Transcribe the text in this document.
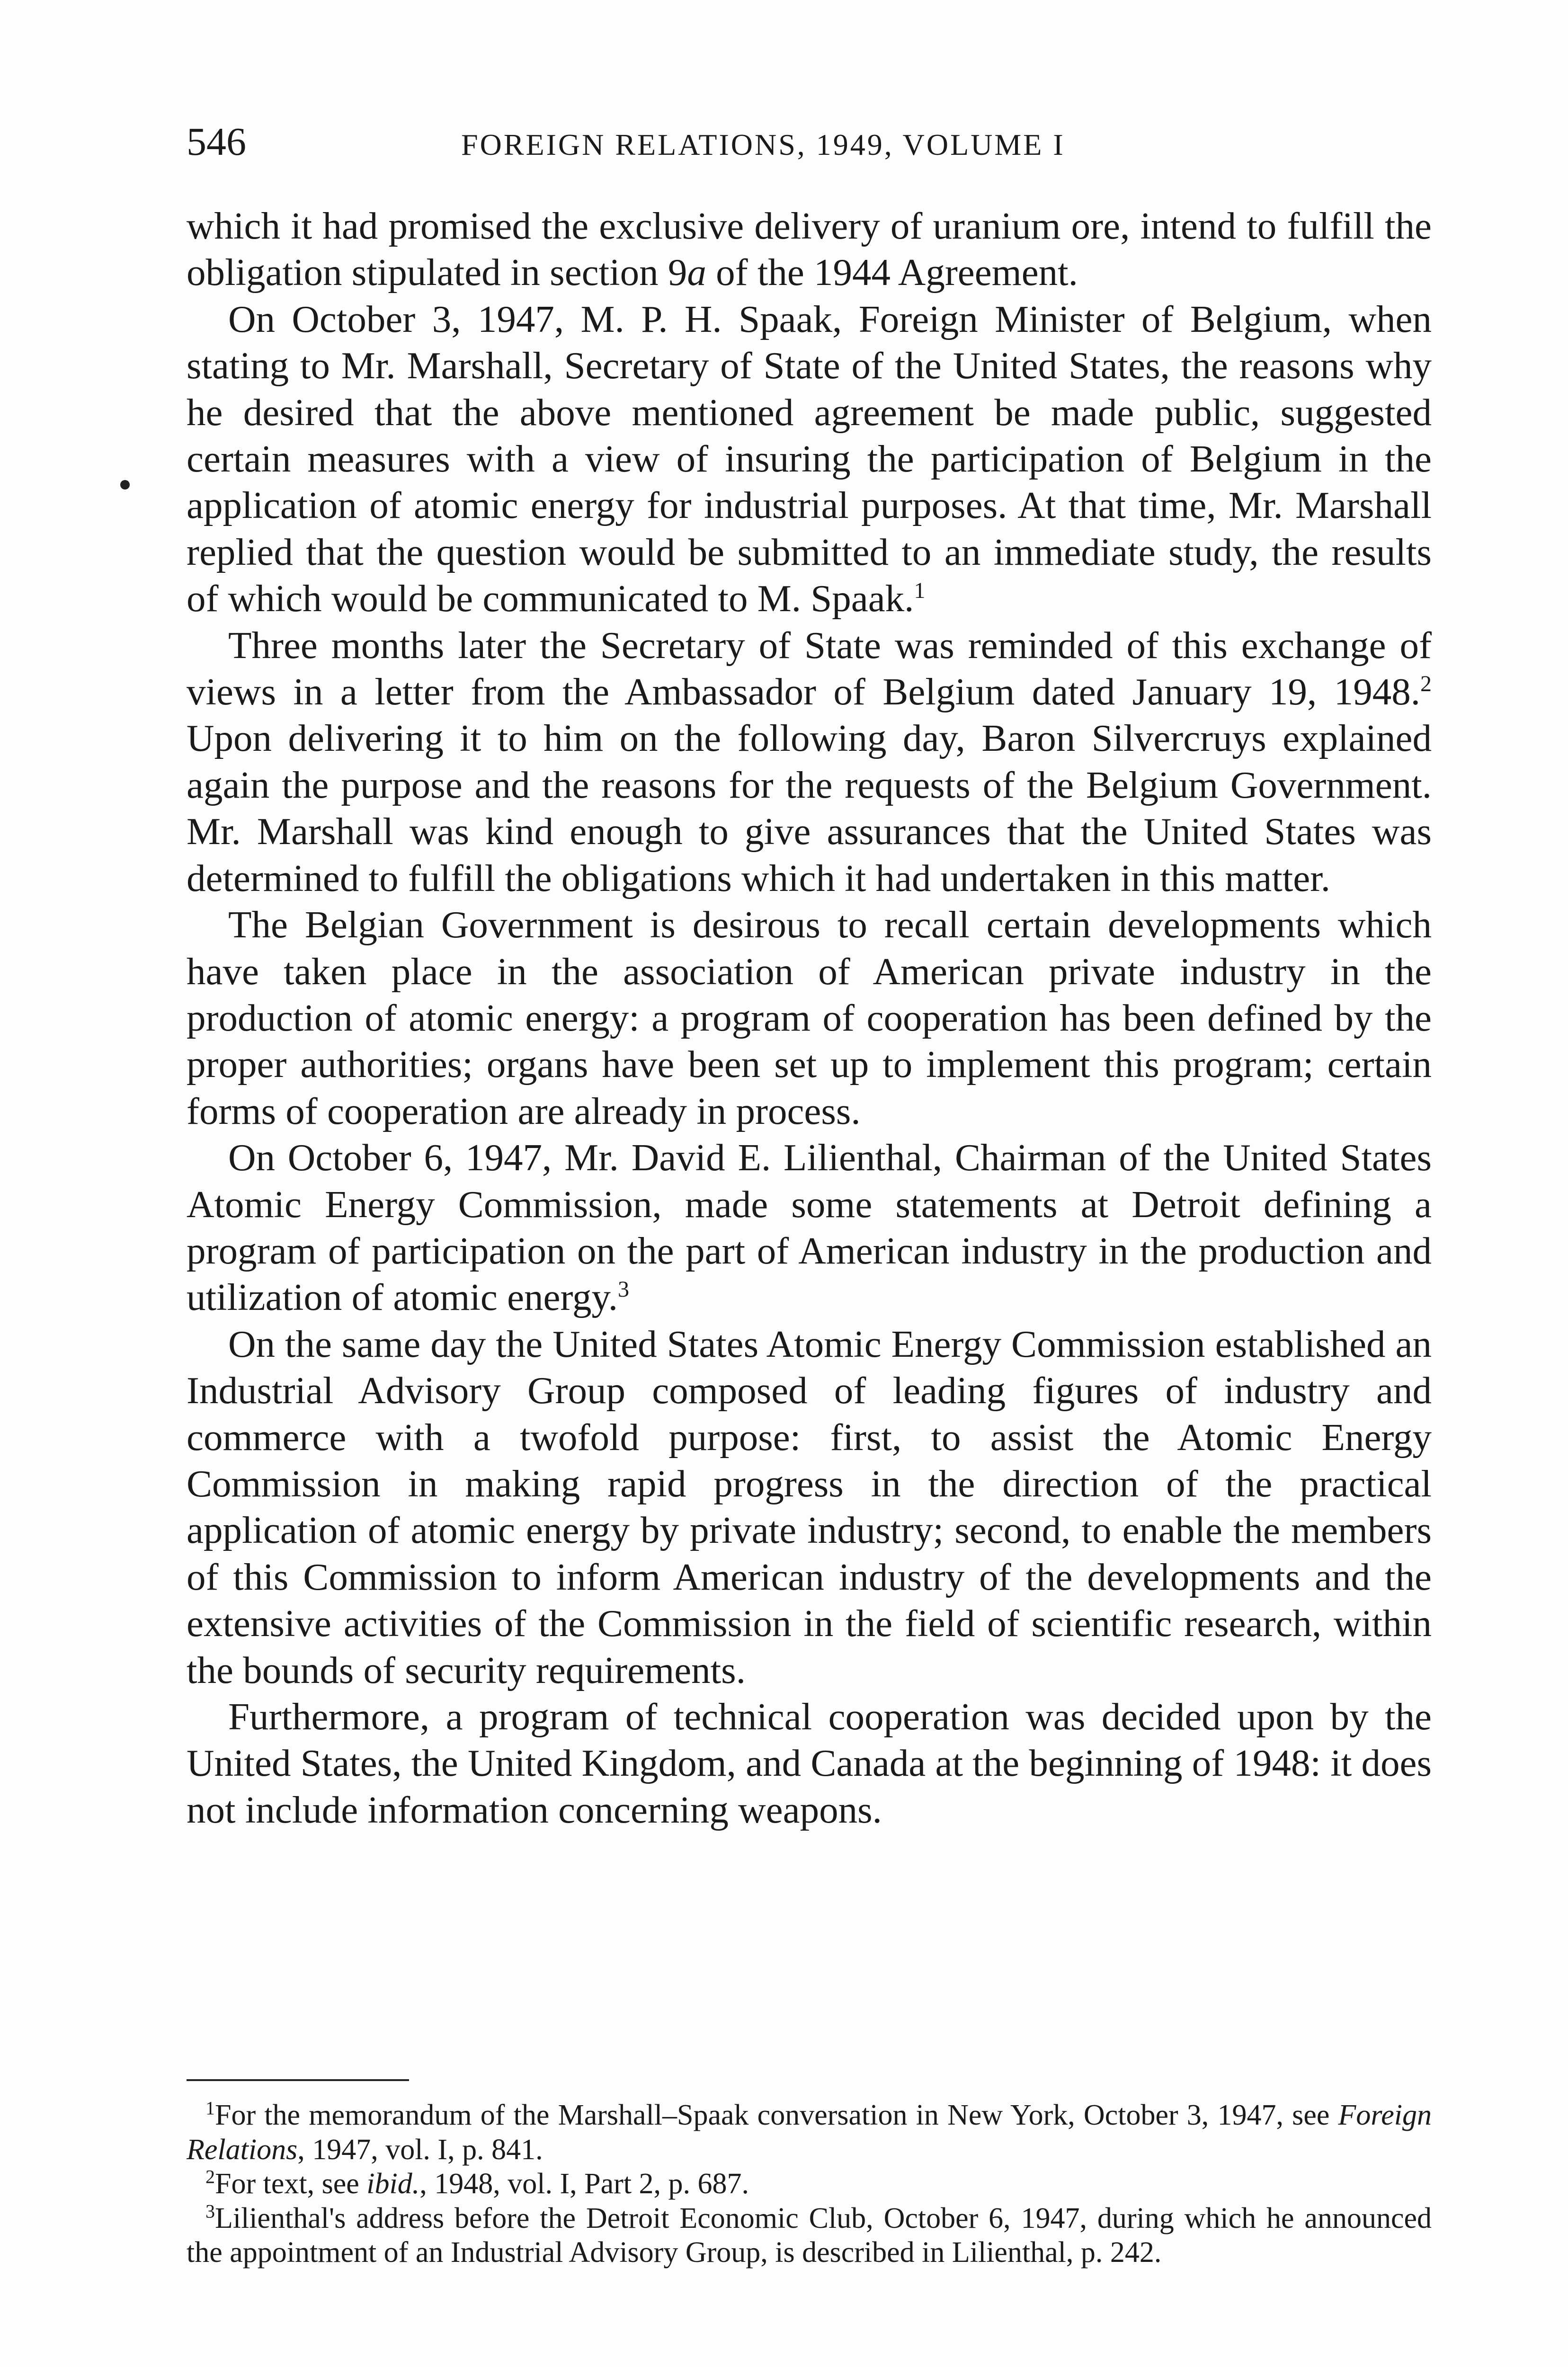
546	FOREIGN RELATIONS, 1949, VOLUME I

which it had promised the exclusive delivery of uranium ore, intend to fulfill the obligation stipulated in section 9a of the 1944 Agreement.

On October 3, 1947, M. P. H. Spaak, Foreign Minister of Belgium, when stating to Mr. Marshall, Secretary of State of the United States, the reasons why he desired that the above mentioned agreement be made public, suggested certain measures with a view of insuring the participation of Belgium in the application of atomic energy for industrial purposes. At that time, Mr. Marshall replied that the question would be submitted to an immediate study, the results of which would be communicated to M. Spaak.$^1$

Three months later the Secretary of State was reminded of this exchange of views in a letter from the Ambassador of Belgium dated January 19, 1948.$^2$ Upon delivering it to him on the following day, Baron Silvercruys explained again the purpose and the reasons for the requests of the Belgium Government. Mr. Marshall was kind enough to give assurances that the United States was determined to fulfill the obligations which it had undertaken in this matter.

The Belgian Government is desirous to recall certain developments which have taken place in the association of American private industry in the production of atomic energy: a program of cooperation has been defined by the proper authorities; organs have been set up to implement this program; certain forms of cooperation are already in process.

On October 6, 1947, Mr. David E. Lilienthal, Chairman of the United States Atomic Energy Commission, made some statements at Detroit defining a program of participation on the part of American industry in the production and utilization of atomic energy.$^3$

On the same day the United States Atomic Energy Commission established an Industrial Advisory Group composed of leading figures of industry and commerce with a twofold purpose: first, to assist the Atomic Energy Commission in making rapid progress in the direction of the practical application of atomic energy by private industry; second, to enable the members of this Commission to inform American industry of the developments and the extensive activities of the Commission in the field of scientific research, within the bounds of security requirements.

Furthermore, a program of technical cooperation was decided upon by the United States, the United Kingdom, and Canada at the beginning of 1948: it does not include information concerning weapons.

$^1$For the memorandum of the Marshall–Spaak conversation in New York, October 3, 1947, see Foreign Relations, 1947, vol. I, p. 841.

$^2$For text, see ibid., 1948, vol. I, Part 2, p. 687.

$^3$Lilienthal's address before the Detroit Economic Club, October 6, 1947, during which he announced the appointment of an Industrial Advisory Group, is described in Lilienthal, p. 242.
